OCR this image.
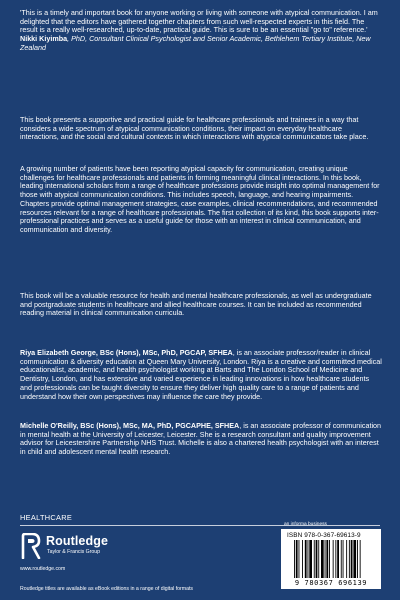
'This is a timely and important book for anyone working or living with someone with atypical communication. I am delighted that the editors have gathered together chapters from such well-respected experts in this field. The result is a really well-researched, up-to-date, practical guide. This is sure to be an essential "go to" reference.'
Nikki Kiyimba, PhD, Consultant Clinical Psychologist and Senior Academic, Bethlehem Tertiary Institute, New Zealand
This book presents a supportive and practical guide for healthcare professionals and trainees in a way that considers a wide spectrum of atypical communication conditions, their impact on everyday healthcare interactions, and the social and cultural contexts in which interactions with atypical communicators take place.
A growing number of patients have been reporting atypical capacity for communication, creating unique challenges for healthcare professionals and patients in forming meaningful clinical interactions. In this book, leading international scholars from a range of healthcare professions provide insight into optimal management for those with atypical communication conditions. This includes speech, language, and hearing impairments. Chapters provide optimal management strategies, case examples, clinical recommendations, and recommended resources relevant for a range of healthcare professionals. The first collection of its kind, this book supports inter-professional practices and serves as a useful guide for those with an interest in clinical communication, and communication and diversity.
This book will be a valuable resource for health and mental healthcare professionals, as well as undergraduate and postgraduate students in healthcare and allied healthcare courses. It can be included as recommended reading material in clinical communication curricula.
Riya Elizabeth George, BSc (Hons), MSc, PhD, PGCAP, SFHEA, is an associate professor/reader in clinical communication & diversity education at Queen Mary University, London. Riya is a creative and committed medical educationalist, academic, and health psychologist working at Barts and The London School of Medicine and Dentistry, London, and has extensive and varied experience in leading innovations in how healthcare students and professionals can be taught diversity to ensure they deliver high quality care to a range of patients and understand how their own perspectives may influence the care they provide.
Michelle O'Reilly, BSc (Hons), MSc, MA, PhD, PGCAPHE, SFHEA, is an associate professor of communication in mental health at the University of Leicester, Leicester. She is a research consultant and quality improvement advisor for Leicestershire Partnership NHS Trust. Michelle is also a chartered health psychologist with an interest in child and adolescent mental health research.
HEALTHCARE
Routledge
Taylor & Francis Group
www.routledge.com
Routledge titles are available as eBook editions in a range of digital formats
an informa business
ISBN 978-0-367-69613-9
9 780367 696139
